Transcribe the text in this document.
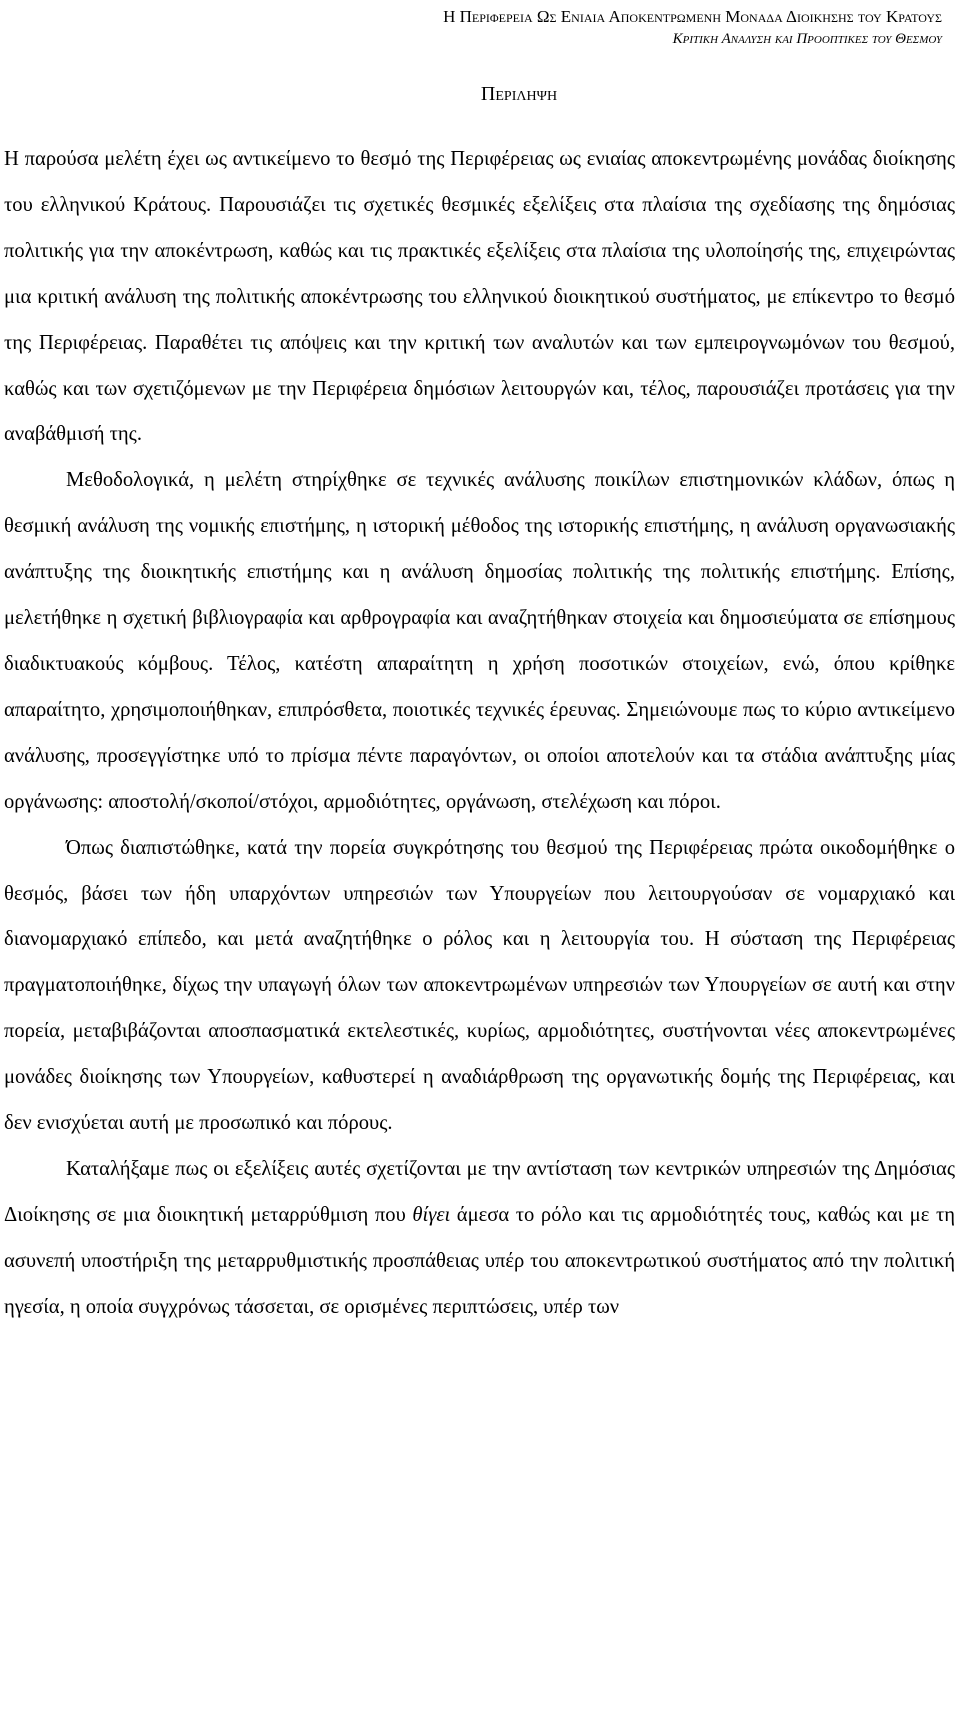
Η Περιφερεια Ως Ενιαια Αποκεντρωμενη Μοναδα Διοικησης του Κρατους
Κριτικη Αναλυση και Προοπτικες του Θεσμου
Περιληψη

Η παρούσα μελέτη έχει ως αντικείμενο το θεσμό της Περιφέρειας ως ενιαίας αποκεντρωμένης μονάδας διοίκησης του ελληνικού Κράτους. Παρουσιάζει τις σχετικές θεσμικές εξελίξεις στα πλαίσια της σχεδίασης της δημόσιας πολιτικής για την αποκέντρωση, καθώς και τις πρακτικές εξελίξεις στα πλαίσια της υλοποίησής της, επιχειρώντας μια κριτική ανάλυση της πολιτικής αποκέντρωσης του ελληνικού διοικητικού συστήματος, με επίκεντρο το θεσμό της Περιφέρειας. Παραθέτει τις απόψεις και την κριτική των αναλυτών και των εμπειρογνωμόνων του θεσμού, καθώς και των σχετιζόμενων με την Περιφέρεια δημόσιων λειτουργών και, τέλος, παρουσιάζει προτάσεις για την αναβάθμισή της.

Μεθοδολογικά, η μελέτη στηρίχθηκε σε τεχνικές ανάλυσης ποικίλων επιστημονικών κλάδων, όπως η θεσμική ανάλυση της νομικής επιστήμης, η ιστορική μέθοδος της ιστορικής επιστήμης, η ανάλυση οργανωσιακής ανάπτυξης της διοικητικής επιστήμης και η ανάλυση δημοσίας πολιτικής της πολιτικής επιστήμης. Επίσης, μελετήθηκε η σχετική βιβλιογραφία και αρθρογραφία και αναζητήθηκαν στοιχεία και δημοσιεύματα σε επίσημους διαδικτυακούς κόμβους. Τέλος, κατέστη απαραίτητη η χρήση ποσοτικών στοιχείων, ενώ, όπου κρίθηκε απαραίτητο, χρησιμοποιήθηκαν, επιπρόσθετα, ποιοτικές τεχνικές έρευνας. Σημειώνουμε πως το κύριο αντικείμενο ανάλυσης, προσεγγίστηκε υπό το πρίσμα πέντε παραγόντων, οι οποίοι αποτελούν και τα στάδια ανάπτυξης μίας οργάνωσης: αποστολή/σκοποί/στόχοι, αρμοδιότητες, οργάνωση, στελέχωση και πόροι.

Όπως διαπιστώθηκε, κατά την πορεία συγκρότησης του θεσμού της Περιφέρειας πρώτα οικοδομήθηκε ο θεσμός, βάσει των ήδη υπαρχόντων υπηρεσιών των Υπουργείων που λειτουργούσαν σε νομαρχιακό και διανομαρχιακό επίπεδο, και μετά αναζητήθηκε ο ρόλος και η λειτουργία του. Η σύσταση της Περιφέρειας πραγματοποιήθηκε, δίχως την υπαγωγή όλων των αποκεντρωμένων υπηρεσιών των Υπουργείων σε αυτή και στην πορεία, μεταβιβάζονται αποσπασματικά εκτελεστικές, κυρίως, αρμοδιότητες, συστήνονται νέες αποκεντρωμένες μονάδες διοίκησης των Υπουργείων, καθυστερεί η αναδιάρθρωση της οργανωτικής δομής της Περιφέρειας, και δεν ενισχύεται αυτή με προσωπικό και πόρους.

Καταλήξαμε πως οι εξελίξεις αυτές σχετίζονται με την αντίσταση των κεντρικών υπηρεσιών της Δημόσιας Διοίκησης σε μια διοικητική μεταρρύθμιση που θίγει άμεσα το ρόλο και τις αρμοδιότητές τους, καθώς και με τη ασυνεπή υποστήριξη της μεταρρυθμιστικής προσπάθειας υπέρ του αποκεντρωτικού συστήματος από την πολιτική ηγεσία, η οποία συγχρόνως τάσσεται, σε ορισμένες περιπτώσεις, υπέρ των
